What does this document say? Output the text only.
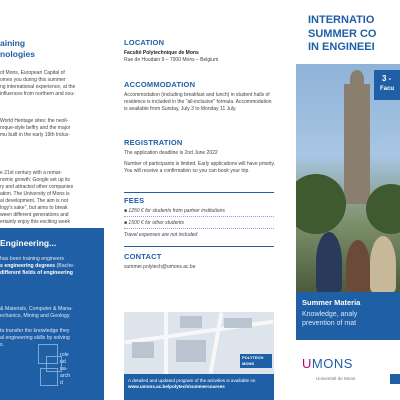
aining
nologies
of Mons, European Capital of
omes you during this summer
ng international experience, at the
influences from northern and sou-
World Heritage sites: the neoli-
roque-style belfry and the major
mu built in the early 19th Indus-
e 21st century with a remar-
nomic growth: Google set up its
ry and attracted other companies
ation. The University of Mons is
al development. The aim is not
logy's sake", but aims to break
ween different generations and
ertainly enjoy this exciting week
Engineering...
has been training engineers
s engineering degrees (Bache-
different fields of engineering
& Materials, Computer & Mana-
echanics, Mining and Geology.
to transfer the knowledge they
al engineering skills by solving
s.
role
nd
na-
arch
d
LOCATION
Faculté Polytechnique de Mons
Rue de Houdain 9 – 7000 Mons – Belgium
ACCOMMODATION
Accommodation (including breakfast and lunch) in student halls of residence is included in the "all-inclusive" formula. Accommodation is available from Sunday, July 3 to Monday 11 July.
REGISTRATION
The application deadline is 2nd June 2022
Number of participants is limited. Early applications will have priority. You will receive a confirmation so you can book your trip.
FEES
■ 1250 € for students from partner institutions
■ 1500 € for other students
Travel expenses are not included
CONTACT
summer.polytech@umons.ac.be
POLYTECH
MONS
A detailed and updated program of the activities is available on
www.umons.ac.be/polytech/summercourses
INTERNATIO
SUMMER CO
IN ENGINEEI
3 -
Facu
Summer Materia
Knowledge, analy
prevention of mat
UMONS
Université de Mons
